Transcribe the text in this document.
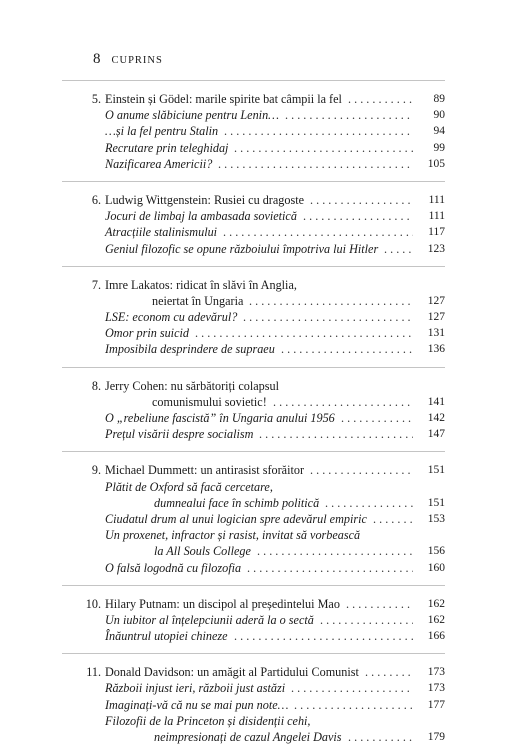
8 CUPRINS
5. Einstein și Gödel: marile spirite bat câmpii la fel . . .	89
O anume slăbiciune pentru Lenin… . . .	90
…și la fel pentru Stalin . . .	94
Recrutare prin teleghidaj . . .	99
Nazificarea Americii? . . .	105
6. Ludwig Wittgenstein: Rusiei cu dragoste . . .	111
Jocuri de limbaj la ambasada sovietică . . .	111
Atracțiile stalinismului . . .	117
Geniul filozofic se opune războiului împotriva lui Hitler . . .	123
7. Imre Lakatos: ridicat în slăvi în Anglia,
neiertat în Ungaria . . .	127
LSE: econom cu adevărul? . . .	127
Omor prin suicid . . .	131
Imposibila desprindere de supraeu . . .	136
8. Jerry Cohen: nu sărbătoriți colapsul
comunismului sovietic! . . .	141
O „rebeliune fascistă” în Ungaria anului 1956 . . .	142
Prețul visării despre socialism . . .	147
9. Michael Dummett: un antirasist sforăitor . . .	151
Plătit de Oxford să facă cercetare,
dumnealui face în schimb politică . . .	151
Ciudatul drum al unui logician spre adevărul empiric . . .	153
Un proxenet, infractor și rasist, invitat să vorbească
la All Souls College . . .	156
O falsă logodnă cu filozofia . . .	160
10. Hilary Putnam: un discipol al președintelui Mao . . .	162
Un iubitor al înțelepciunii aderă la o sectă . . .	162
Înăuntrul utopiei chineze . . .	166
11. Donald Davidson: un amăgit al Partidului Comunist . . .	173
Războii injust ieri, războii just astăzi . . .	173
Imaginați-vă că nu se mai pun note… . . .	177
Filozofii de la Princeton și disidenții cehi,
neimpresionați de cazul Angelei Davis . . .	179
